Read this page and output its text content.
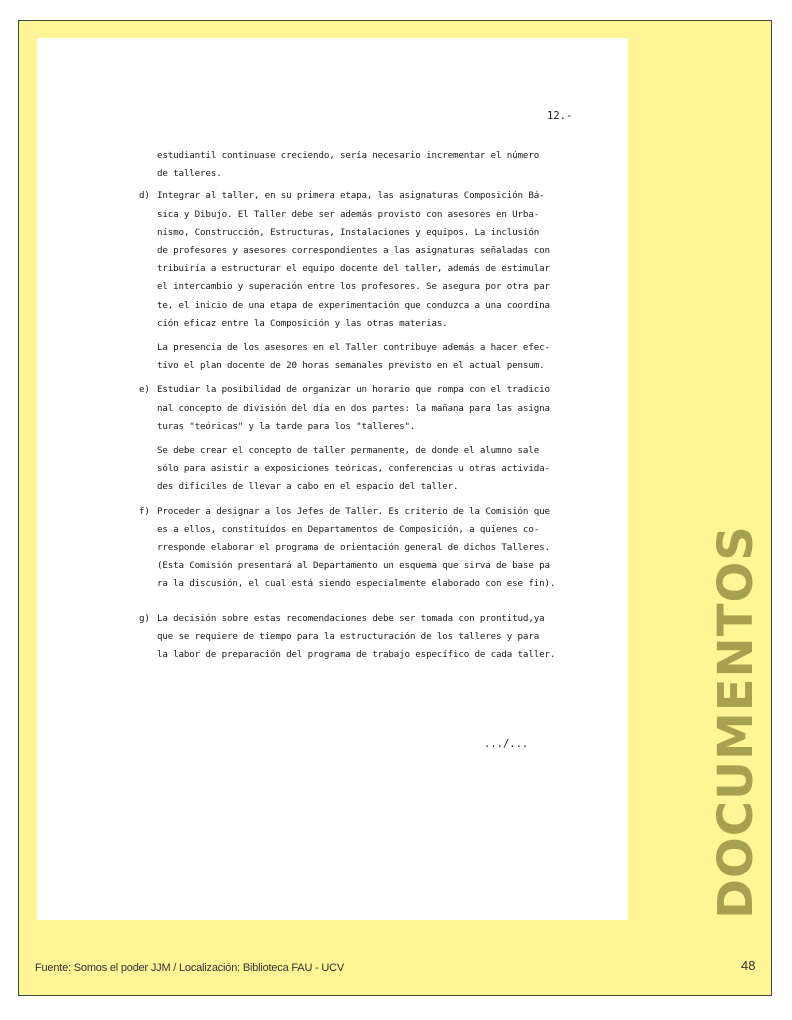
12.-
estudiantil continuase creciendo, sería necesario incrementar el número
de talleres.
d) Integrar al taller, en su primera etapa, las asignaturas Composición Bá-
sica y Dibujo. El Taller debe ser además provisto con asesores en Urba-
nismo, Construcción, Estructuras, Instalaciones y equipos. La inclusión
de profesores y asesores correspondientes a las asignaturas señaladas con
tribuiría a estructurar el equipo docente del taller, además de estimular
el intercambio y superación entre los profesores. Se asegura por otra par
te, el inicio de una etapa de experimentación que conduzca a una coordina
ción eficaz entre la Composición y las otras materias.
La presencia de los asesores en el Taller contribuye además a hacer efec-
tivo el plan docente de 20 horas semanales previsto en el actual pensum.
e) Estudiar la posibilidad de organizar un horario que rompa con el tradicio
nal concepto de división del día en dos partes: la mañana para las asigna
turas "teóricas" y la tarde para los "talleres".
Se debe crear el concepto de taller permanente, de donde el alumno sale
sólo para asistir a exposiciones teóricas, conferencias u otras activida-
des difíciles de llevar a cabo en el espacio del taller.
f) Proceder a designar a los Jefes de Taller. Es criterio de la Comisión que
es a ellos, constituídos en Departamentos de Composición, a quienes co-
rresponde elaborar el programa de orientación general de dichos Talleres.
(Esta Comisión presentará al Departamento un esquema que sirva de base pa
ra la discusión, el cual está siendo especialmente elaborado con ese fin).
g) La decisión sobre estas recomendaciones debe ser tomada con prontitud,ya
que se requiere de tiempo para la estructuración de los talleres y para
la labor de preparación del programa de trabajo específico de cada taller.
.../...	DOCUMENTOS
Fuente: Somos el poder JJM / Localización: Biblioteca FAU - UCV	48
